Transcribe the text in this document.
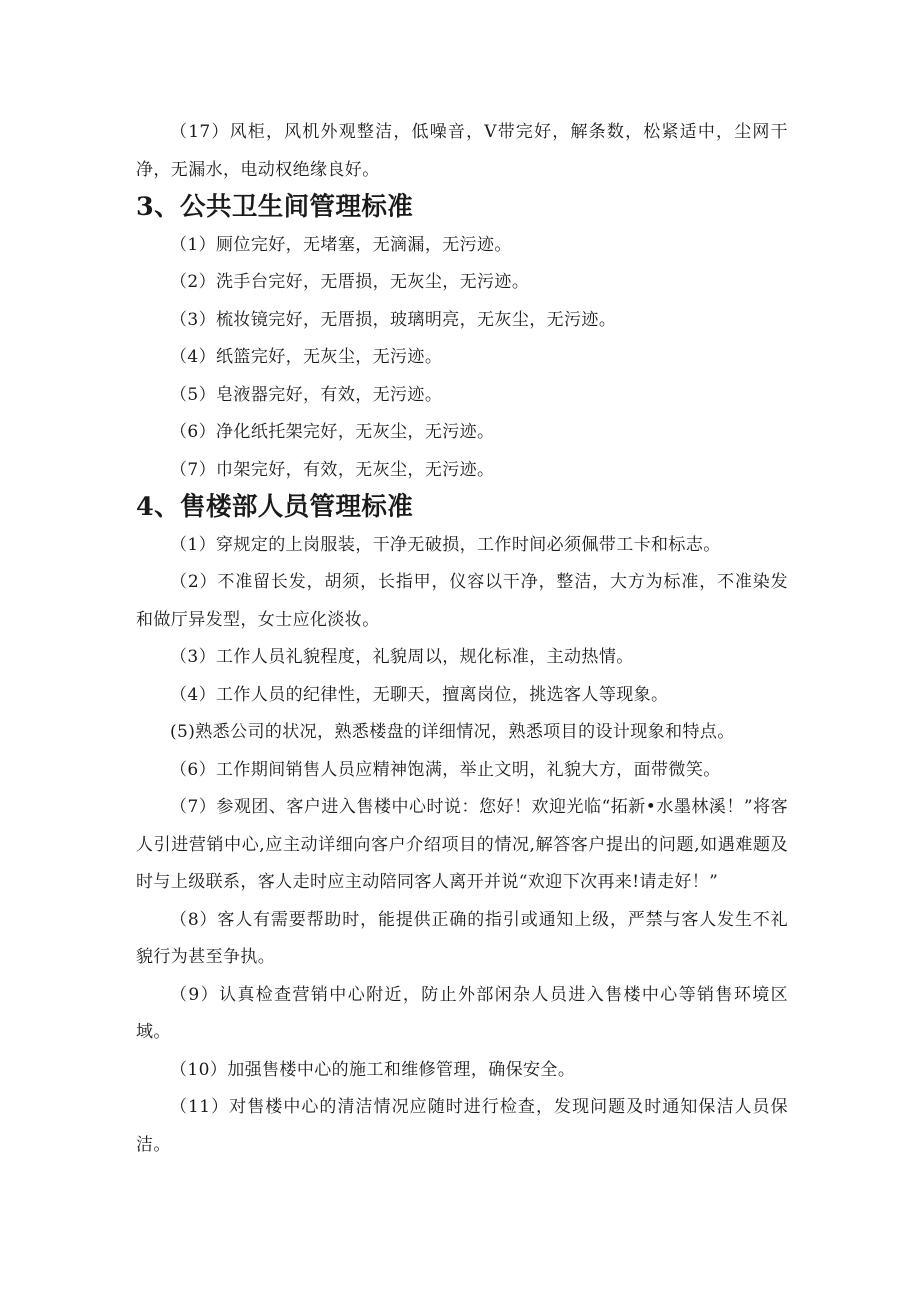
（17）风柜，风机外观整洁，低噪音，V带完好，解条数，松紧适中，尘网干净，无漏水，电动权绝缘良好。

3、公共卫生间管理标准

（1）厕位完好，无堵塞，无滴漏，无污迹。

（2）洗手台完好，无厝损，无灰尘，无污迹。

（3）梳妆镜完好，无厝损，玻璃明亮，无灰尘，无污迹。

（4）纸篮完好，无灰尘，无污迹。

（5）皂液器完好，有效，无污迹。

（6）净化纸托架完好，无灰尘，无污迹。

（7）巾架完好，有效，无灰尘，无污迹。

4、售楼部人员管理标准

（1）穿规定的上岗服装，干净无破损，工作时间必须佩带工卡和标志。

（2）不准留长发，胡须，长指甲，仪容以干净，整洁，大方为标准，不准染发和做厅异发型，女士应化淡妆。

（3）工作人员礼貌程度，礼貌周以，规化标准，主动热情。

（4）工作人员的纪律性，无聊天，擅离岗位，挑选客人等现象。

(5)熟悉公司的状况，熟悉楼盘的详细情况，熟悉项目的设计现象和特点。

（6）工作期间销售人员应精神饱满，举止文明，礼貌大方，面带微笑。

（7）参观团、客户进入售楼中心时说：您好！欢迎光临“拓新•水墨林溪！”将客人引进营销中心,应主动详细向客户介绍项目的情况,解答客户提出的问题,如遇难题及时与上级联系，客人走时应主动陪同客人离开并说“欢迎下次再来!请走好！”

（8）客人有需要帮助时，能提供正确的指引或通知上级，严禁与客人发生不礼貌行为甚至争执。

（9）认真检查营销中心附近，防止外部闲杂人员进入售楼中心等销售环境区域。

（10）加强售楼中心的施工和维修管理，确保安全。

（11）对售楼中心的清洁情况应随时进行检查，发现问题及时通知保洁人员保洁。
